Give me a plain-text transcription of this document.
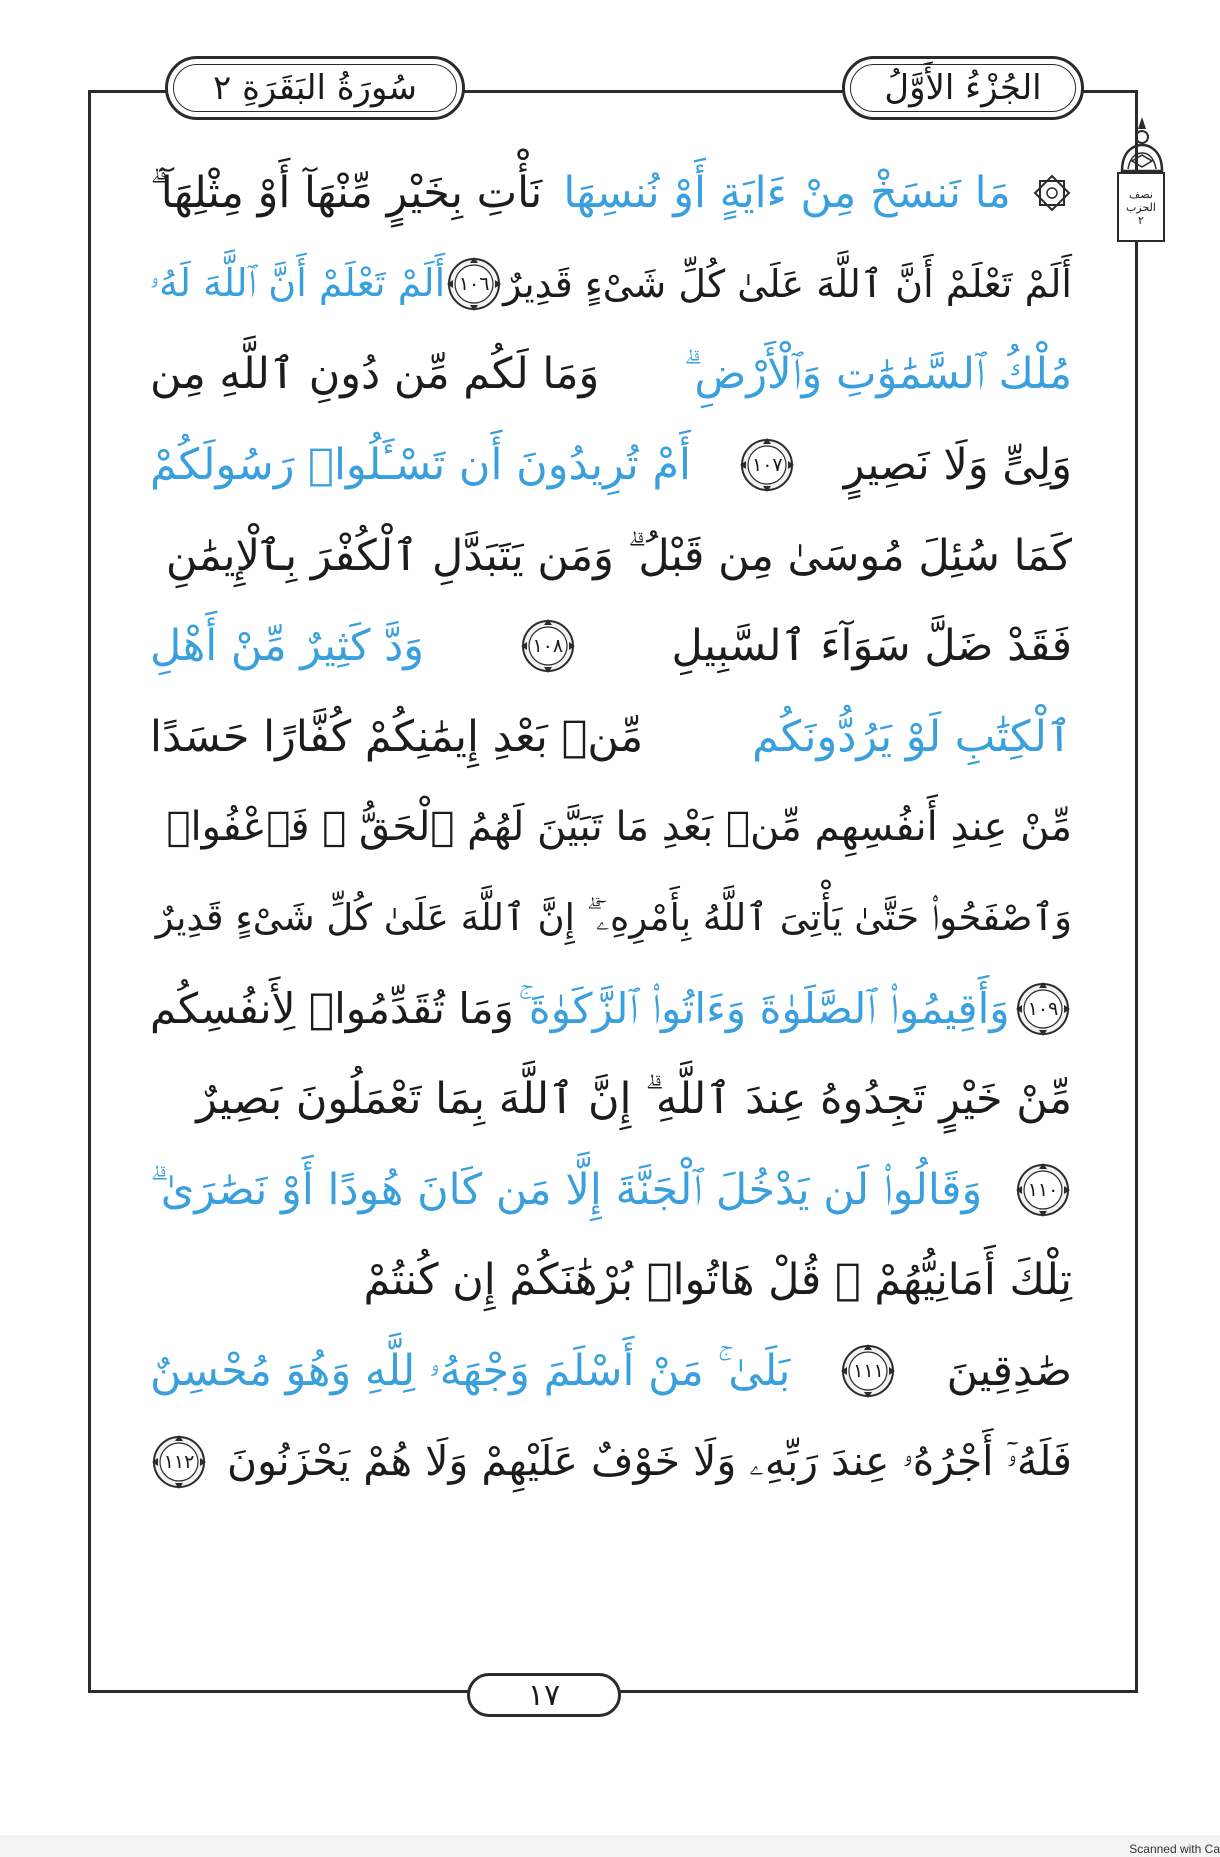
سُورَةُ البَقَرَةِ ٢	الجُزْءُ الأَوَّلُ
نصف
الحزب
٢
مَا نَنسَخْ مِنْ ءَايَةٍ أَوْ نُنسِهَا
نَأْتِ بِخَيْرٍ مِّنْهَآ أَوْ مِثْلِهَآ ۗ
أَلَمْ تَعْلَمْ أَنَّ ٱللَّهَ عَلَىٰ كُلِّ شَىْءٍ قَدِيرٌ
١٠٦
أَلَمْ تَعْلَمْ أَنَّ ٱللَّهَ لَهُۥ
مُلْكُ ٱلسَّمَٰوَٰتِ وَٱلْأَرْضِ ۗ
وَمَا لَكُم مِّن دُونِ ٱللَّهِ مِن
وَلِىٍّ وَلَا نَصِيرٍ
١٠٧
أَمْ تُرِيدُونَ أَن تَسْـَٔلُوا۟ رَسُولَكُمْ
كَمَا سُئِلَ مُوسَىٰ مِن قَبْلُ ۗ وَمَن يَتَبَدَّلِ ٱلْكُفْرَ بِٱلْإِيمَٰنِ
فَقَدْ ضَلَّ سَوَآءَ ٱلسَّبِيلِ
١٠٨
وَدَّ كَثِيرٌ مِّنْ أَهْلِ
ٱلْكِتَٰبِ لَوْ يَرُدُّونَكُم
مِّنۢ بَعْدِ إِيمَٰنِكُمْ كُفَّارًا حَسَدًا
مِّنْ عِندِ أَنفُسِهِم مِّنۢ بَعْدِ مَا تَبَيَّنَ لَهُمُ ٱلْحَقُّ ۖ فَٱعْفُوا۟
وَٱصْفَحُوا۟ حَتَّىٰ يَأْتِىَ ٱللَّهُ بِأَمْرِهِۦٓ ۗ إِنَّ ٱللَّهَ عَلَىٰ كُلِّ شَىْءٍ قَدِيرٌ
١٠٩
وَأَقِيمُوا۟ ٱلصَّلَوٰةَ وَءَاتُوا۟ ٱلزَّكَوٰةَ ۚ
وَمَا تُقَدِّمُوا۟ لِأَنفُسِكُم
مِّنْ خَيْرٍ تَجِدُوهُ عِندَ ٱللَّهِ ۗ إِنَّ ٱللَّهَ بِمَا تَعْمَلُونَ بَصِيرٌ
١١٠
وَقَالُوا۟ لَن يَدْخُلَ ٱلْجَنَّةَ إِلَّا مَن كَانَ هُودًا أَوْ نَصَٰرَىٰ ۗ
تِلْكَ أَمَانِيُّهُمْ ۗ قُلْ هَاتُوا۟ بُرْهَٰنَكُمْ إِن كُنتُمْ
صَٰدِقِينَ
١١١
بَلَىٰ ۚ مَنْ أَسْلَمَ وَجْهَهُۥ لِلَّهِ وَهُوَ مُحْسِنٌ
فَلَهُۥٓ أَجْرُهُۥ عِندَ رَبِّهِۦ وَلَا خَوْفٌ عَلَيْهِمْ وَلَا هُمْ يَحْزَنُونَ
١١٢
١٧
Scanned with Ca
